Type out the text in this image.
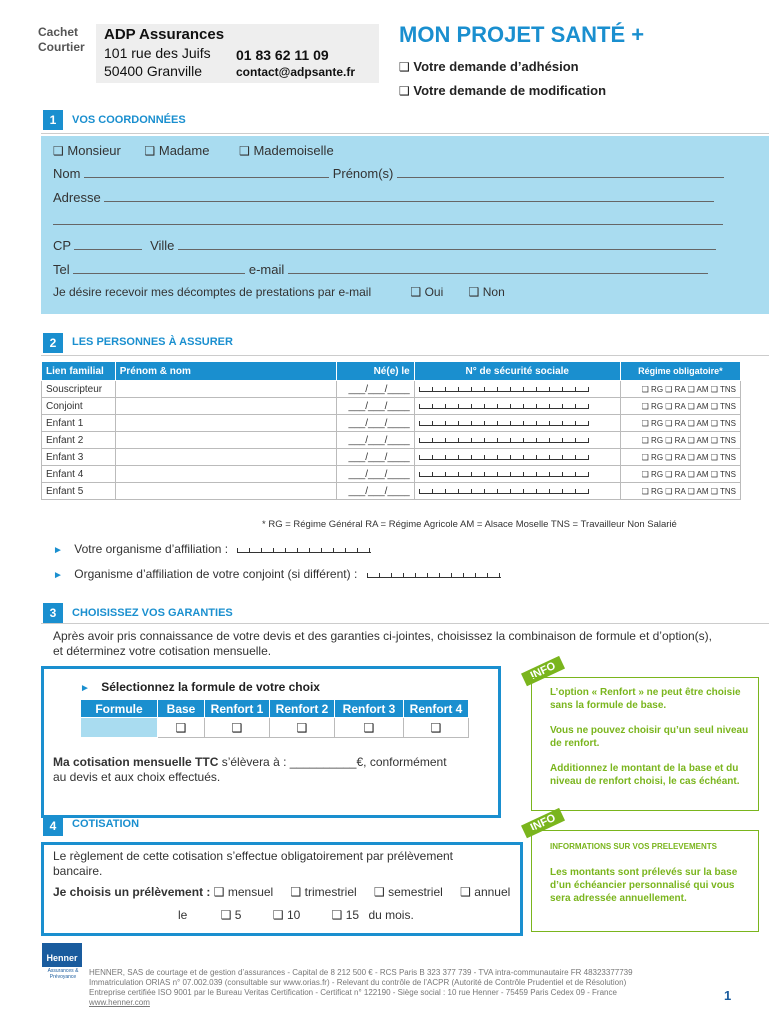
Cachet
Courtier
ADP Assurances
101 rue des Juifs
50400 Granville
01 83 62 11 09
contact@adpsante.fr
MON PROJET SANTÉ +
❑ Votre demande d’adhésion
❑ Votre demande de modification
1	VOS COORDONNÉES
❑ Monsieur ❑ Madame ❑ Mademoiselle
Nom	Prénom(s)
Adresse
CP	Ville
Tel	e-mail
Je désire recevoir mes décomptes de prestations par e-mail	❑ Oui ❑ Non
2	LES PERSONNES À ASSURER
Lien familial	Prénom & nom	Né(e) le	N° de sécurité sociale	Régime obligatoire*
Souscripteur		___/___/____		❑ RG ❑ RA ❑ AM ❑ TNS
Conjoint		___/___/____		❑ RG ❑ RA ❑ AM ❑ TNS
Enfant 1		___/___/____		❑ RG ❑ RA ❑ AM ❑ TNS
Enfant 2		___/___/____		❑ RG ❑ RA ❑ AM ❑ TNS
Enfant 3		___/___/____		❑ RG ❑ RA ❑ AM ❑ TNS
Enfant 4		___/___/____		❑ RG ❑ RA ❑ AM ❑ TNS
Enfant 5		___/___/____		❑ RG ❑ RA ❑ AM ❑ TNS
* RG = Régime Général RA = Régime Agricole AM = Alsace Moselle TNS = Travailleur Non Salarié
► Votre organisme d’affiliation :
► Organisme d’affiliation de votre conjoint (si différent) :
3	CHOISISSEZ VOS GARANTIES
Après avoir pris connaissance de votre devis et des garanties ci-jointes, choisissez la combinaison de formule et d’option(s), et déterminez votre cotisation mensuelle.
► Sélectionnez la formule de votre choix
Formule	Base	Renfort 1	Renfort 2	Renfort 3	Renfort 4
	❑	❑	❑	❑	❑
Ma cotisation mensuelle TTC s’élèvera à : __________€, conformément
au devis et aux choix effectués.
INFO
L’option « Renfort » ne peut être choisie sans la formule de base.
Vous ne pouvez choisir qu’un seul niveau de renfort.
Additionnez le montant de la base et du niveau de renfort choisi, le cas échéant.
4	COTISATION
Le règlement de cette cotisation s’effectue obligatoirement par prélèvement bancaire.
Je choisis un prélèvement : ❑ mensuel ❑ trimestriel ❑ semestriel ❑ annuel
le	❑ 5	❑ 10	❑ 15 du mois.
INFO
INFORMATIONS SUR VOS PRELEVEMENTS
Les montants sont prélevés sur la base d’un échéancier personnalisé qui vous sera adressée annuellement.
Henner
Assurances & Prévoyance	HENNER, SAS de courtage et de gestion d’assurances - Capital de 8 212 500 € - RCS Paris B 323 377 739 - TVA intra-communautaire FR 48323377739
Immatriculation ORIAS n° 07.002.039 (consultable sur www.orias.fr) - Relevant du contrôle de l’ACPR (Autorité de Contrôle Prudentiel et de Résolution)
Entreprise certifiée ISO 9001 par le Bureau Veritas Certification - Certificat n° 122190 - Siège social : 10 rue Henner - 75459 Paris Cedex 09 - France
www.henner.com	1
